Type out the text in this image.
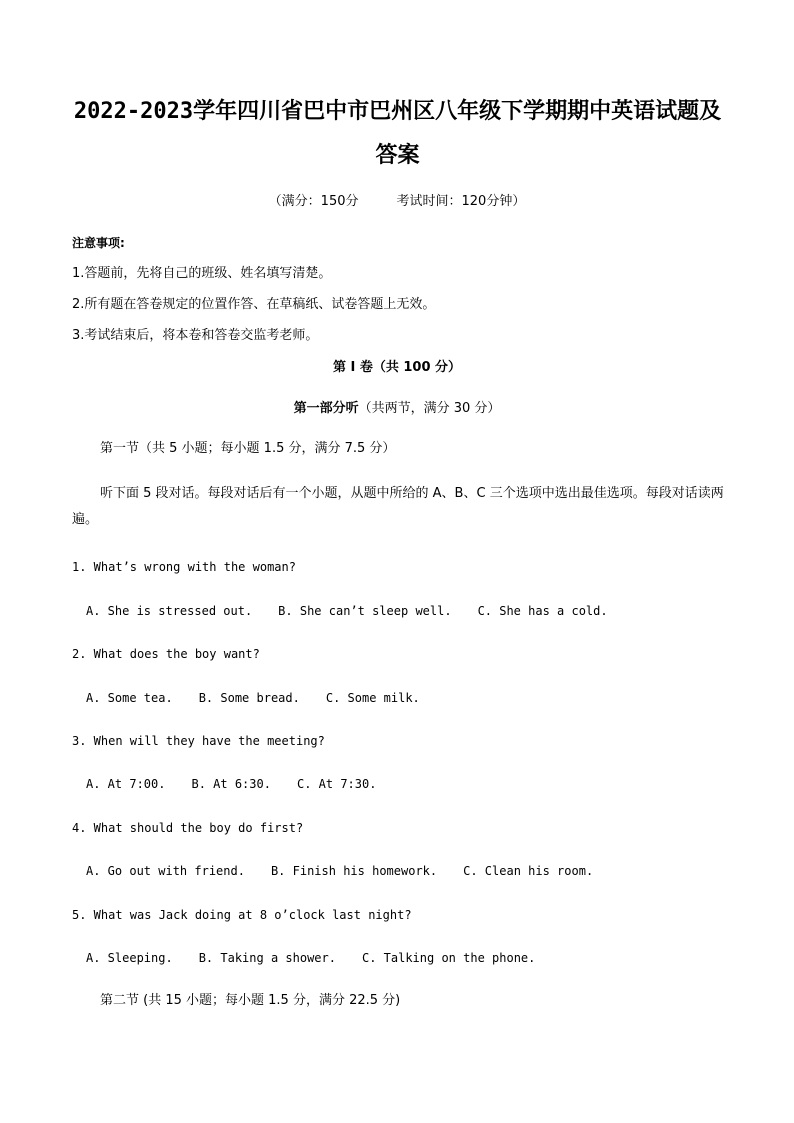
2022-2023学年四川省巴中市巴州区八年级下学期期中英语试题及答案
（满分：150分	考试时间：120分钟）
注意事项:
1.答题前，先将自己的班级、姓名填写清楚。
2.所有题在答卷规定的位置作答、在草稿纸、试卷答题上无效。
3.考试结束后，将本卷和答卷交监考老师。
第 I 卷（共 100 分）
第一部分听（共两节，满分 30 分）
第一节（共 5 小题；每小题 1.5 分，满分 7.5 分）
听下面 5 段对话。每段对话后有一个小题，从题中所给的 A、B、C 三个选项中选出最佳选项。每段对话读两遍。
1. What’s wrong with the woman?
A. She is stressed out. B. She can’t sleep well. C. She has a cold.
2. What does the boy want?
A. Some tea. B. Some bread. C. Some milk.
3. When will they have the meeting?
A. At 7:00. B. At 6:30. C. At 7:30.
4. What should the boy do first?
A. Go out with friend. B. Finish his homework. C. Clean his room.
5. What was Jack doing at 8 o’clock last night?
A. Sleeping. B. Taking a shower. C. Talking on the phone.
第二节 (共 15 小题；每小题 1.5 分，满分 22.5 分)
